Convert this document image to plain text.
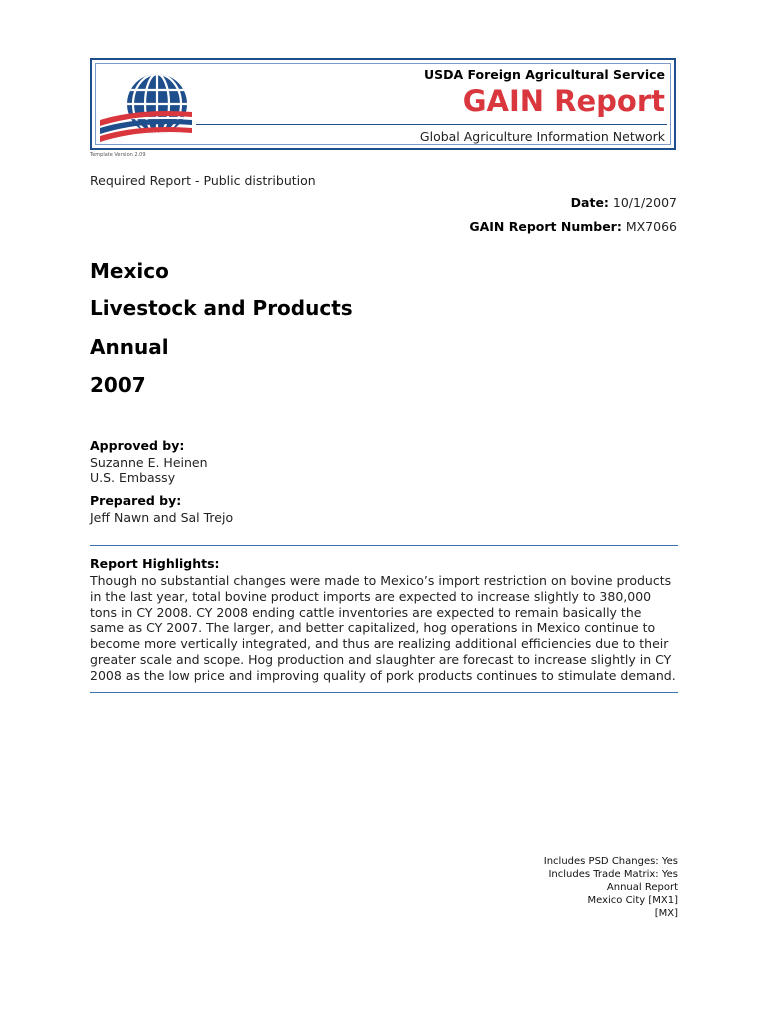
USDA Foreign Agricultural Service
GAIN Report
Global Agriculture Information Network
Template Version 2.09
Required Report - Public distribution
Date: 10/1/2007
GAIN Report Number: MX7066
Mexico
Livestock and Products
Annual
2007
Approved by:
Suzanne E. Heinen
U.S. Embassy
Prepared by:
Jeff Nawn and Sal Trejo
Report Highlights:
Though no substantial changes were made to Mexico’s import restriction on bovine products
in the last year, total bovine product imports are expected to increase slightly to 380,000
tons in CY 2008. CY 2008 ending cattle inventories are expected to remain basically the
same as CY 2007. The larger, and better capitalized, hog operations in Mexico continue to
become more vertically integrated, and thus are realizing additional efficiencies due to their
greater scale and scope. Hog production and slaughter are forecast to increase slightly in CY
2008 as the low price and improving quality of pork products continues to stimulate demand.
Includes PSD Changes: Yes
Includes Trade Matrix: Yes
Annual Report
Mexico City [MX1]
[MX]
